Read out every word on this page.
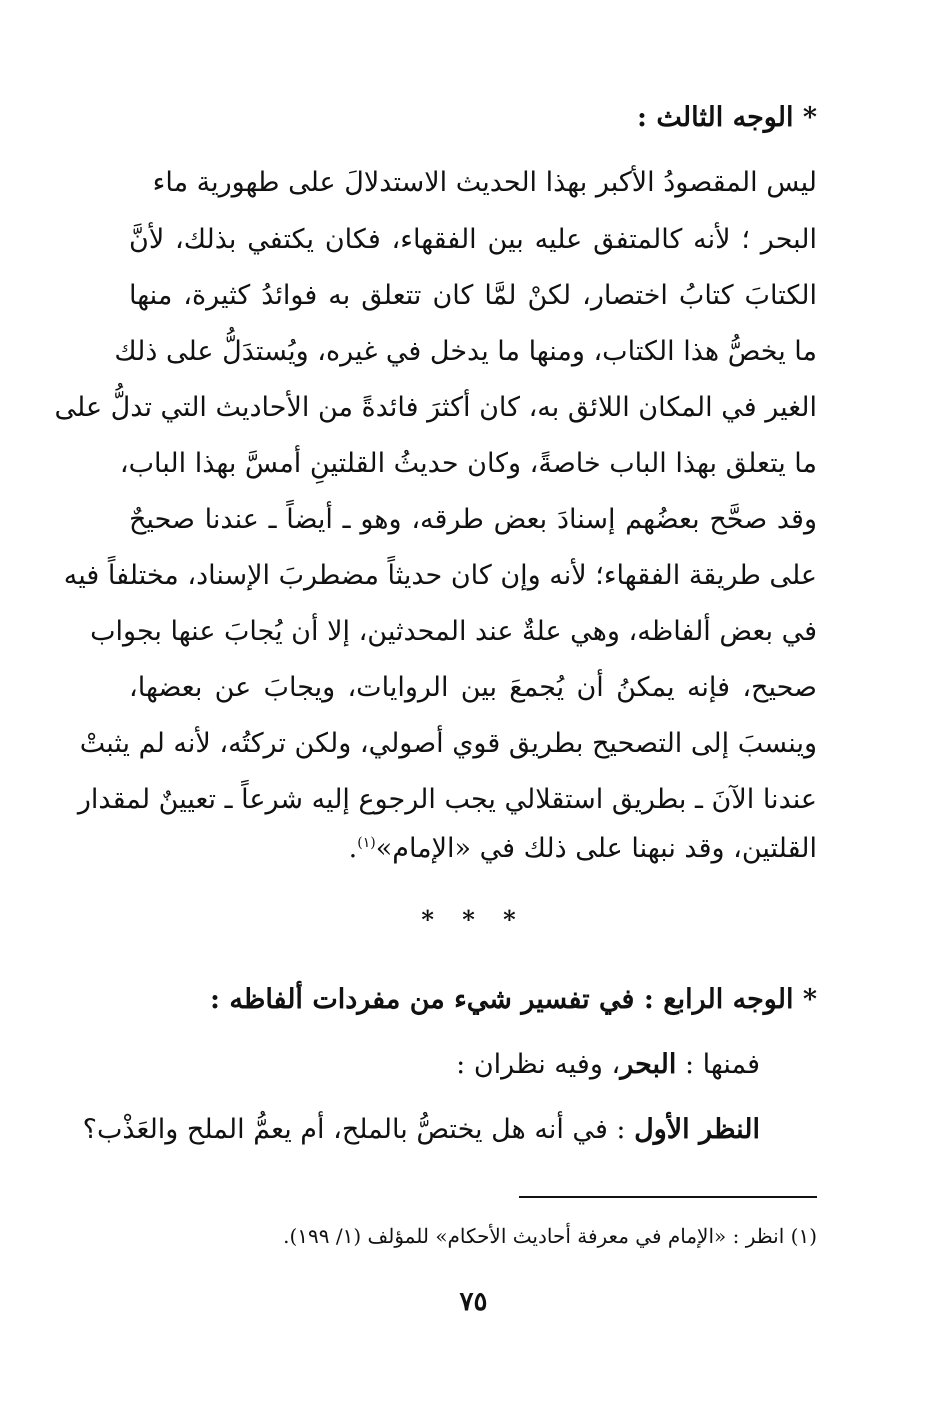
* الوجه الثالث :
ليس المقصودُ الأكبر بهذا الحديث الاستدلالَ على طهورية ماء
البحر ؛ لأنه كالمتفق عليه بين الفقهاء، فكان يكتفي بذلك، لأنَّ
الكتابَ كتابُ اختصار، لكنْ لمَّا كان تتعلق به فوائدُ كثيرة، منها
ما يخصُّ هذا الكتاب، ومنها ما يدخل في غيره، ويُستدَلُّ على ذلك
الغير في المكان اللائق به، كان أكثرَ فائدةً من الأحاديث التي تدلُّ على
ما يتعلق بهذا الباب خاصةً، وكان حديثُ القلتينِ أمسَّ بهذا الباب،
وقد صحَّح بعضُهم إسنادَ بعض طرقه، وهو ـ أيضاً ـ عندنا صحيحٌ
على طريقة الفقهاء؛ لأنه وإن كان حديثاً مضطربَ الإسناد، مختلفاً فيه
في بعض ألفاظه، وهي علةٌ عند المحدثين، إلا أن يُجابَ عنها بجواب
صحيح، فإنه يمكنُ أن يُجمعَ بين الروايات، ويجابَ عن بعضها،
وينسبَ إلى التصحيح بطريق قوي أصولي، ولكن تركتُه، لأنه لم يثبتْ
عندنا الآنَ ـ بطريق استقلالي يجب الرجوع إليه شرعاً ـ تعيينٌ لمقدار
القلتين، وقد نبهنا على ذلك في «الإمام»$^{(١)}$.
* * *
* الوجه الرابع : في تفسير شيء من مفردات ألفاظه :
فمنها : البحر، وفيه نظران :
النظر الأول : في أنه هل يختصُّ بالملح، أم يعمُّ الملح والعَذْب؟
(١) انظر : «الإمام في معرفة أحاديث الأحكام» للمؤلف (١/ ١٩٩).
٧٥
